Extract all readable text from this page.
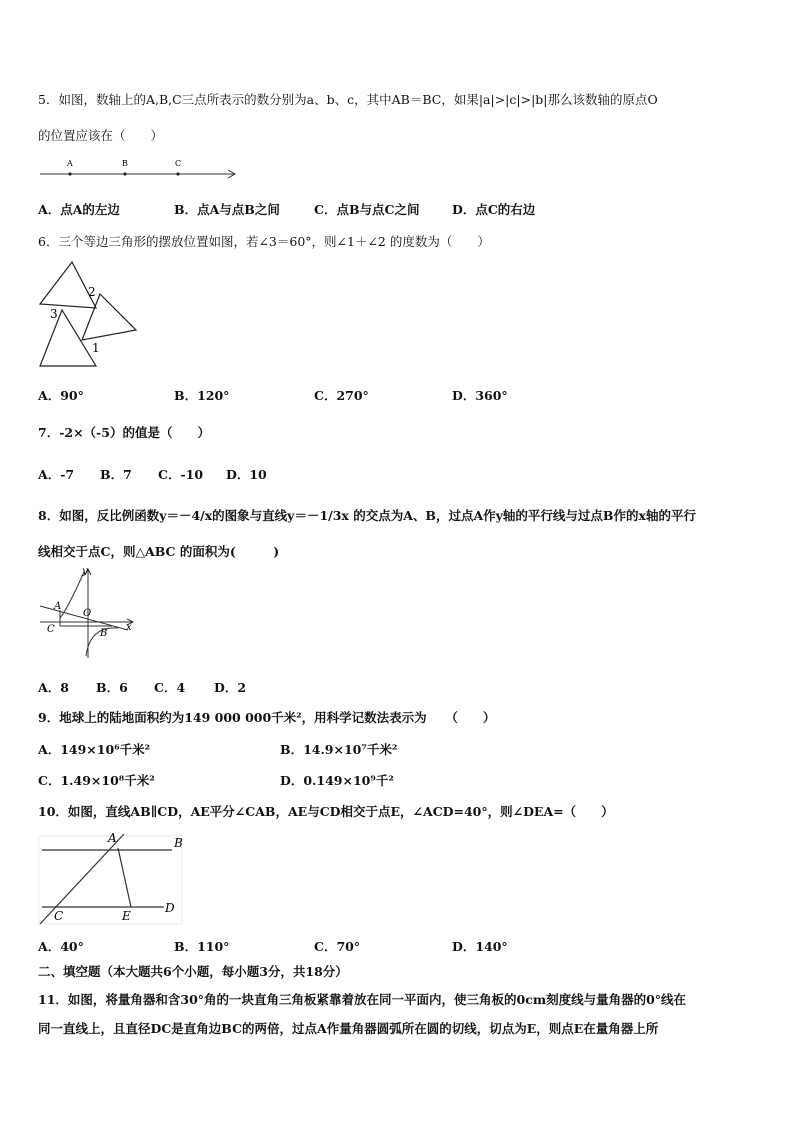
5．如图，数轴上的A,B,C三点所表示的数分别为a、b、c，其中AB＝BC，如果|a|>|c|>|b|那么该数轴的原点O
的位置应该在（　　）
A	B	C
A．点A的左边	B．点A与点B之间	C．点B与点C之间	D．点C的右边
6．三个等边三角形的摆放位置如图，若∠3＝60°，则∠1＋∠2 的度数为（　　）
2
3
1
A．90°	B．120°	C．270°	D．360°
7．-2×（-5）的值是（　　）
A．-7 B．7 C．-10 D．10
8．如图，反比例函数y＝－4/x的图象与直线y＝－1/3x 的交点为A、B，过点A作y轴的平行线与过点B作的x轴的平行
线相交于点C，则△ABC 的面积为(　　　)
y
A
O
C	B
x
A．8 B．6 C．4 D．2
9．地球上的陆地面积约为149 000 000千米²，用科学记数法表示为　　（　　）
A．149×10⁶千米²	B．14.9×10⁷千米²
C．1.49×10⁸千米²	D．0.149×10⁹千²
10．如图，直线AB∥CD，AE平分∠CAB，AE与CD相交于点E，∠ACD=40°，则∠DEA=（　　）
A	B
C	E
D
A．40°	B．110°	C．70°	D．140°
二、填空题（本大题共6个小题，每小题3分，共18分）
11．如图，将量角器和含30°角的一块直角三角板紧靠着放在同一平面内，使三角板的0cm刻度线与量角器的0°线在
同一直线上，且直径DC是直角边BC的两倍，过点A作量角器圆弧所在圆的切线，切点为E，则点E在量角器上所
